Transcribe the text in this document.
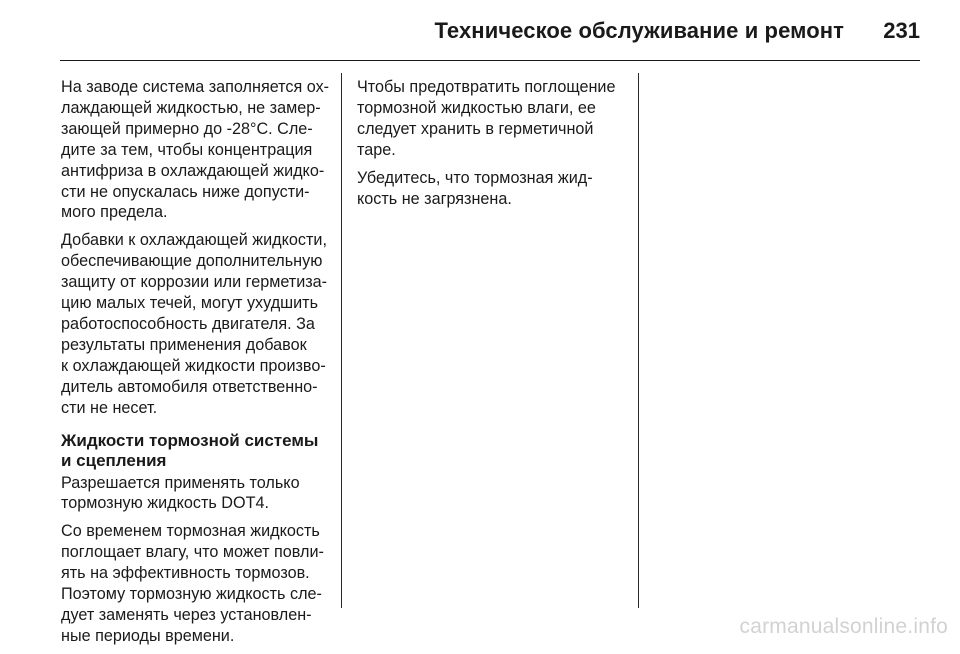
Техническое обслуживание и ремонт 231

На заводе система заполняется ох-
лаждающей жидкостью, не замер-
зающей примерно до -28°C. Сле-
дите за тем, чтобы концентрация
антифриза в охлаждающей жидко-
сти не опускалась ниже допусти-
мого предела.

Добавки к охлаждающей жидкости,
обеспечивающие дополнительную
защиту от коррозии или герметиза-
цию малых течей, могут ухудшить
работоспособность двигателя. За
результаты применения добавок
к охлаждающей жидкости произво-
дитель автомобиля ответственно-
сти не несет.

Жидкости тормозной системы
и сцепления

Разрешается применять только
тормозную жидкость DOT4.

Со временем тормозная жидкость
поглощает влагу, что может повли-
ять на эффективность тормозов.
Поэтому тормозную жидкость сле-
дует заменять через установлен-
ные периоды времени.

Чтобы предотвратить поглощение
тормозной жидкостью влаги, ее
следует хранить в герметичной
таре.

Убедитесь, что тормозная жид-
кость не загрязнена.

carmanualsonline.info
